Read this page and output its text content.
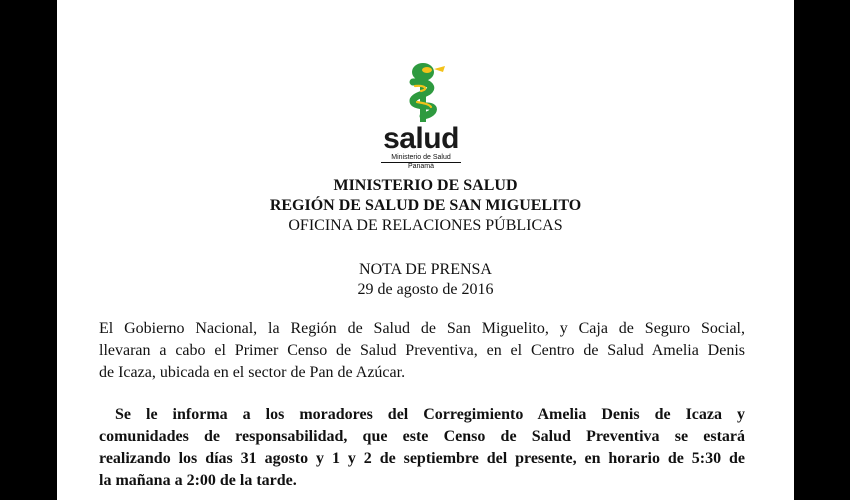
salud
Ministerio de Salud
Panamá
MINISTERIO DE SALUD
REGIÓN DE SALUD DE SAN MIGUELITO
OFICINA DE RELACIONES PÚBLICAS
NOTA DE PRENSA
29 de agosto de 2016
El Gobierno Nacional, la Región de Salud de San Miguelito, y Caja de Seguro Social,
llevaran a cabo el Primer Censo de Salud Preventiva, en el Centro de Salud Amelia Denis
de Icaza, ubicada en el sector de Pan de Azúcar.
Se le informa a los moradores del Corregimiento Amelia Denis de Icaza y
comunidades de responsabilidad, que este Censo de Salud Preventiva se estará
realizando los días 31 agosto y 1 y 2 de septiembre del presente, en horario de 5:30 de
la mañana a 2:00 de la tarde.
